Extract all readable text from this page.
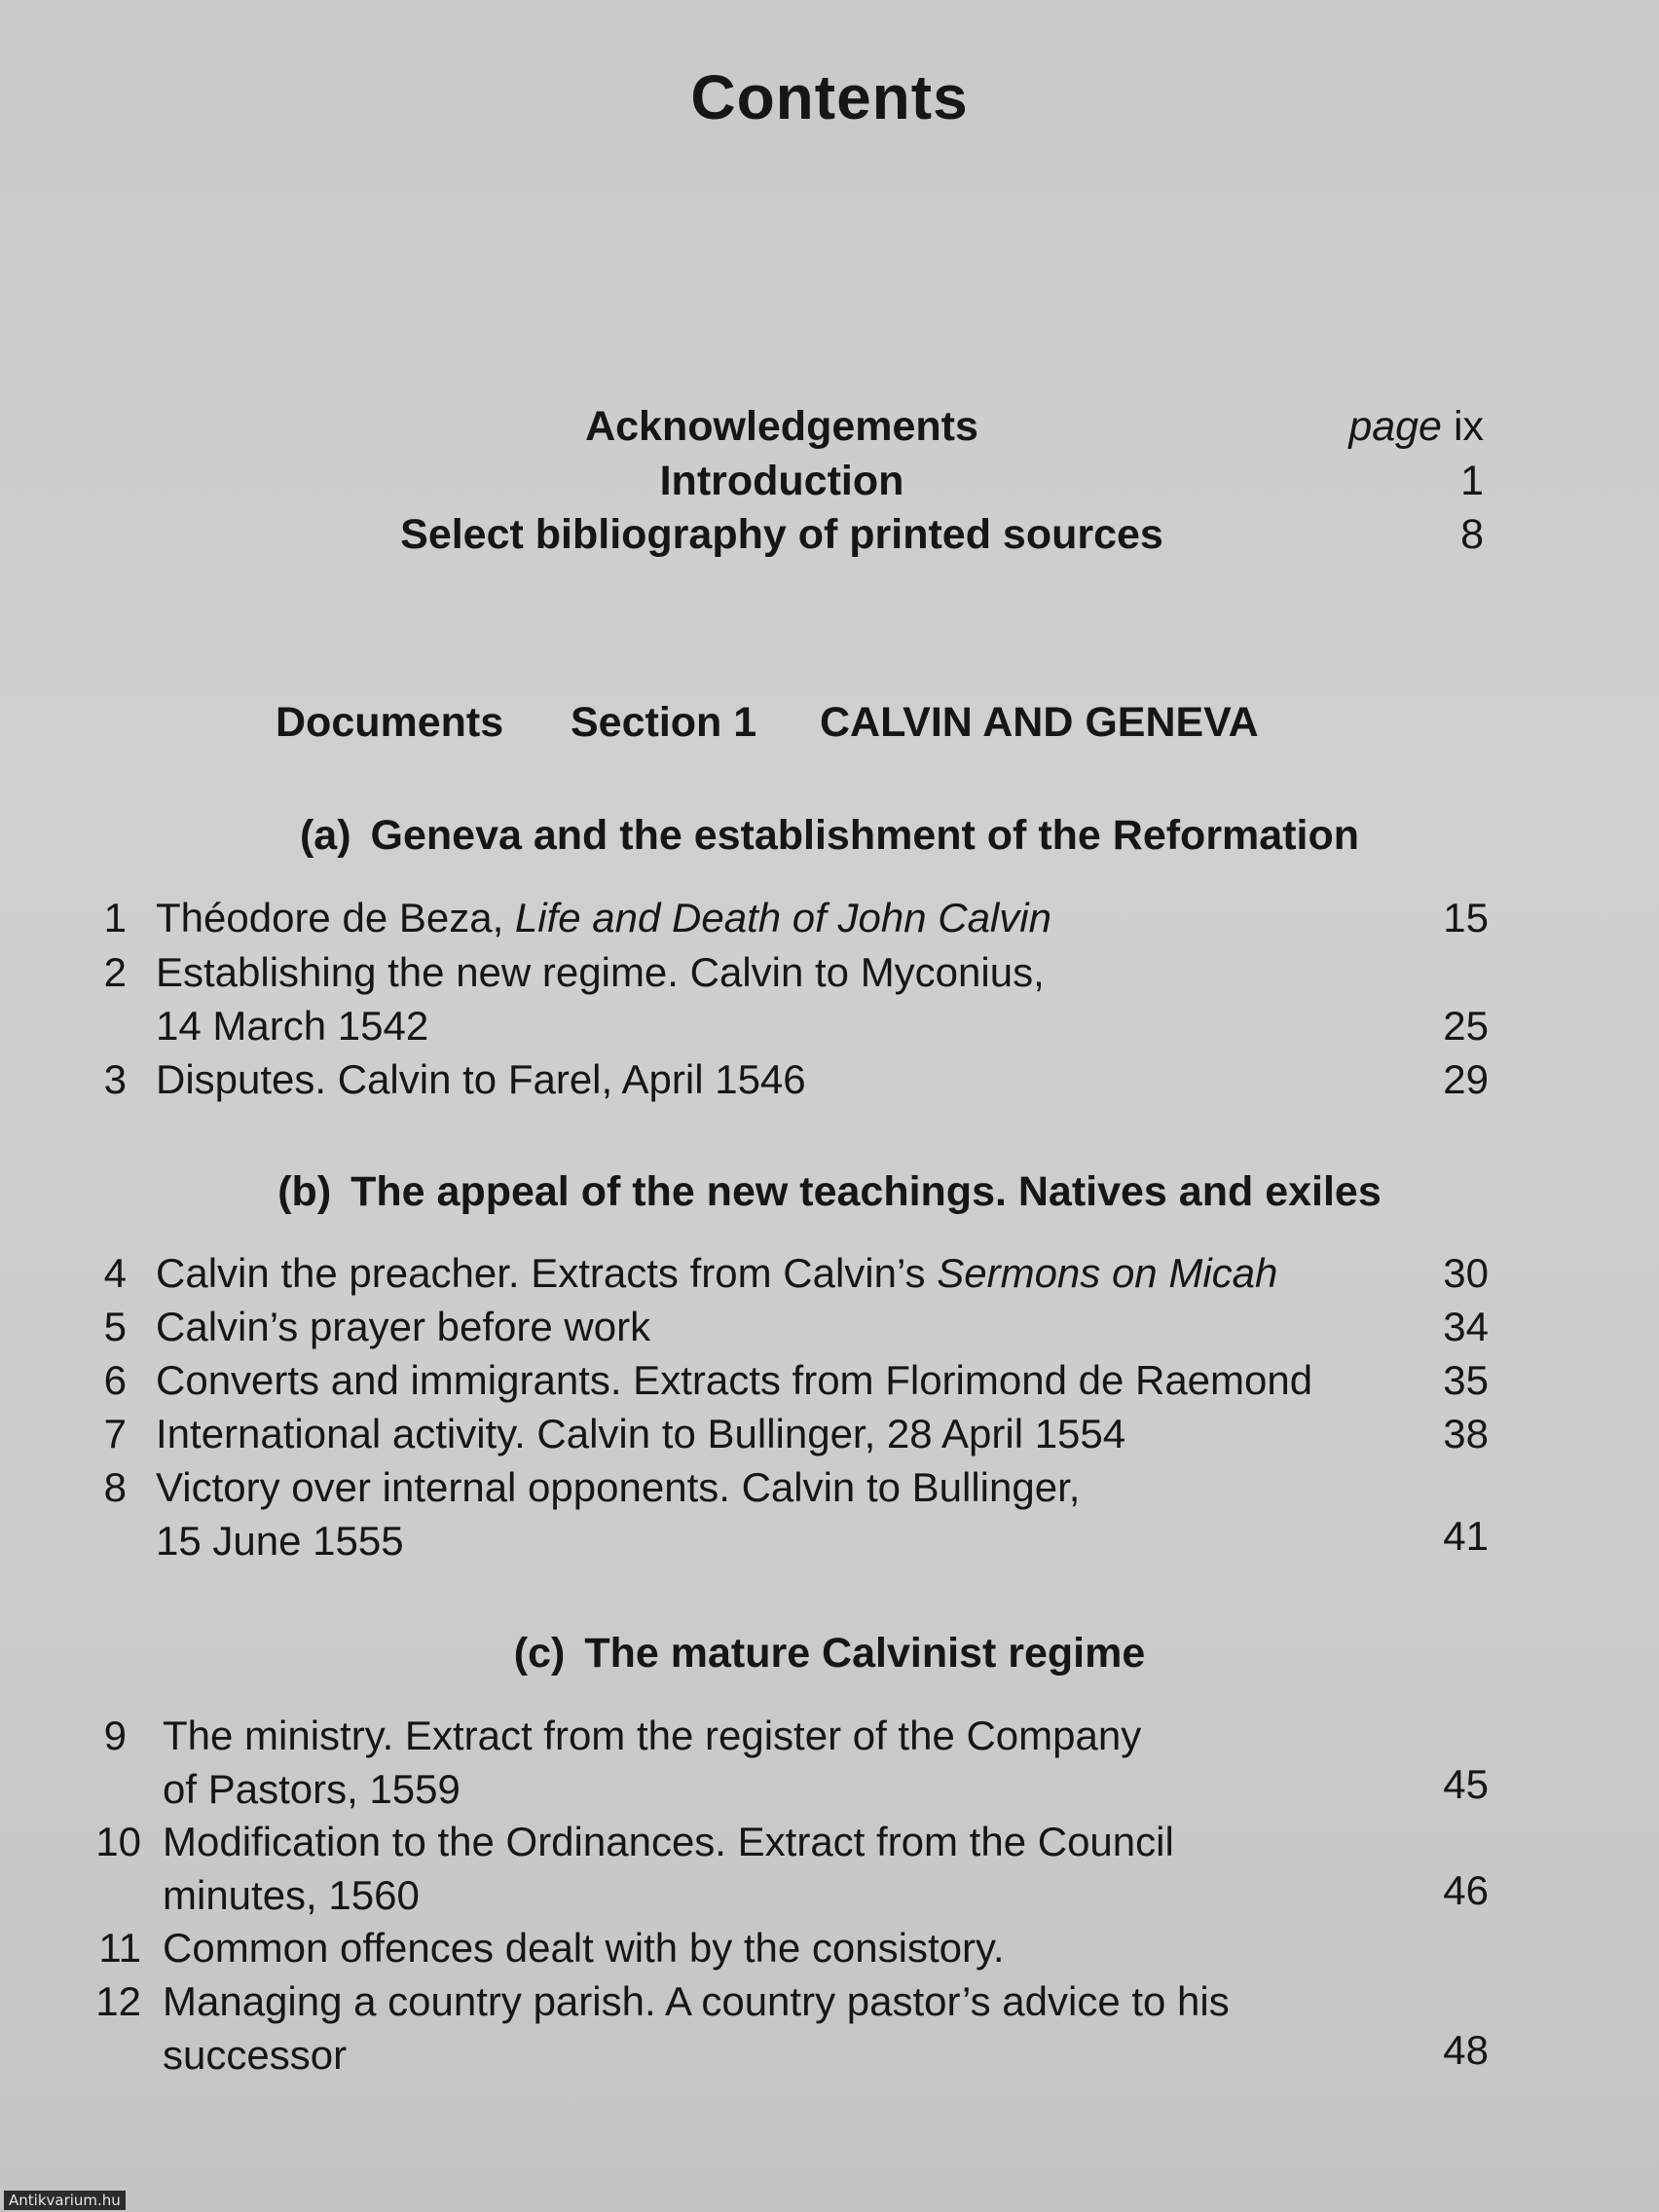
Contents
Acknowledgements	page ix
Introduction	1
Select bibliography of printed sources	8
Documents Section 1 CALVIN AND GENEVA
(a) Geneva and the establishment of the Reformation
1 Théodore de Beza, Life and Death of John Calvin	15
2 Establishing the new regime. Calvin to Myconius,
14 March 1542	25
3 Disputes. Calvin to Farel, April 1546	29
(b) The appeal of the new teachings. Natives and exiles
4 Calvin the preacher. Extracts from Calvin’s Sermons on Micah	30
5 Calvin’s prayer before work	34
6 Converts and immigrants. Extracts from Florimond de Raemond	35
7 International activity. Calvin to Bullinger, 28 April 1554	38
8 Victory over internal opponents. Calvin to Bullinger,
15 June 1555	41
(c) The mature Calvinist regime
9 The ministry. Extract from the register of the Company
of Pastors, 1559	45
10 Modification to the Ordinances. Extract from the Council
minutes, 1560	46
11 Common offences dealt with by the consistory.
12 Managing a country parish. A country pastor’s advice to his
successor	48
Antikvarium.hu
